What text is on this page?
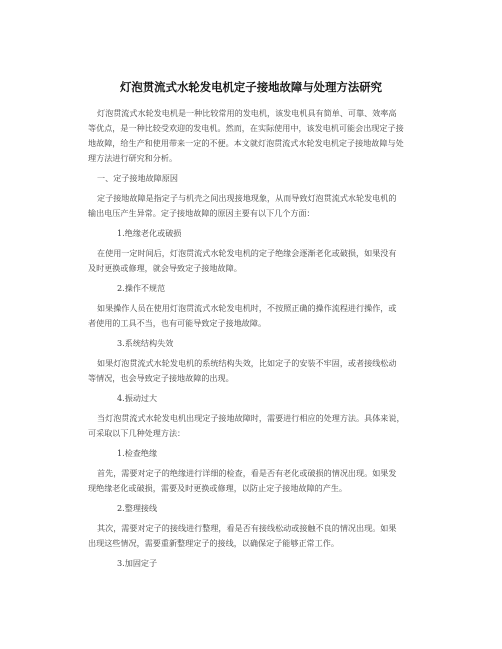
灯泡贯流式水轮发电机定子接地故障与处理方法研究
灯泡贯流式水轮发电机是一种比较常用的发电机，该发电机具有简单、可靠、效率高
等优点，是一种比较受欢迎的发电机。然而，在实际使用中，该发电机可能会出现定子接
地故障，给生产和使用带来一定的不便。本文就灯泡贯流式水轮发电机定子接地故障与处
理方法进行研究和分析。
一、定子接地故障原因
定子接地故障是指定子与机壳之间出现接地现象，从而导致灯泡贯流式水轮发电机的
输出电压产生异常。定子接地故障的原因主要有以下几个方面：
1.绝缘老化或破损
在使用一定时间后，灯泡贯流式水轮发电机的定子绝缘会逐渐老化或破损，如果没有
及时更换或修理，就会导致定子接地故障。
2.操作不规范
如果操作人员在使用灯泡贯流式水轮发电机时，不按照正确的操作流程进行操作，或
者使用的工具不当，也有可能导致定子接地故障。
3.系统结构失效
如果灯泡贯流式水轮发电机的系统结构失效，比如定子的安装不牢固，或者接线松动
等情况，也会导致定子接地故障的出现。
4.振动过大
当灯泡贯流式水轮发电机出现定子接地故障时，需要进行相应的处理方法。具体来说，
可采取以下几种处理方法：
1.检查绝缘
首先，需要对定子的绝缘进行详细的检查，看是否有老化或破损的情况出现。如果发
现绝缘老化或破损，需要及时更换或修理，以防止定子接地故障的产生。
2.整理接线
其次，需要对定子的接线进行整理，看是否有接线松动或接触不良的情况出现。如果
出现这些情况，需要重新整理定子的接线，以确保定子能够正常工作。
3.加固定子
